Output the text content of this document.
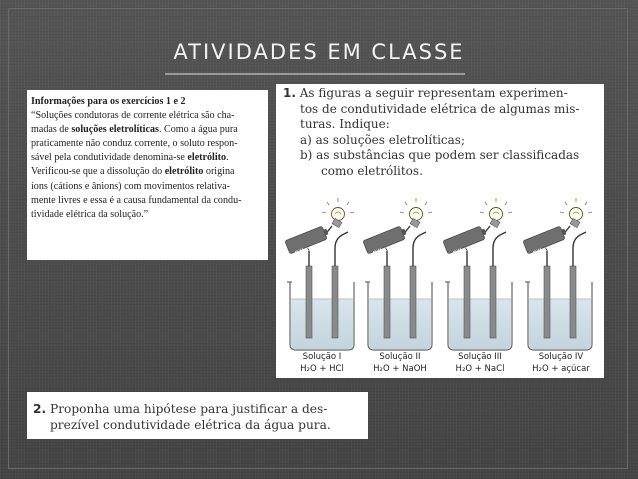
ATIVIDADES EM CLASSE

Informações para os exercícios 1 e 2

“Soluções condutoras de corrente elétrica são cha-

madas de soluções eletrolíticas. Como a água pura

praticamente não conduz corrente, o soluto respon-

sável pela condutividade denomina-se eletrólito.

Verificou-se que a dissolução do eletrólito origina

íons (cátions e ânions) com movimentos relativa-

mente livres e essa é a causa fundamental da condu-

tividade elétrica da solução.”

1. As figuras a seguir representam experimen-
tos de condutividade elétrica de algumas mis-
turas. Indique:
a) as soluções eletrolíticas;
b) as substâncias que podem ser classificadas
como eletrólitos.
Pilha	Pilha	Pilha	Pilha
Solução I
H₂O + HCl
Solução II
H₂O + NaOH
Solução III
H₂O + NaCl
Solução IV
H₂O + açúcar
2. Proponha uma hipótese para justificar a des-
prezível condutividade elétrica da água pura.
